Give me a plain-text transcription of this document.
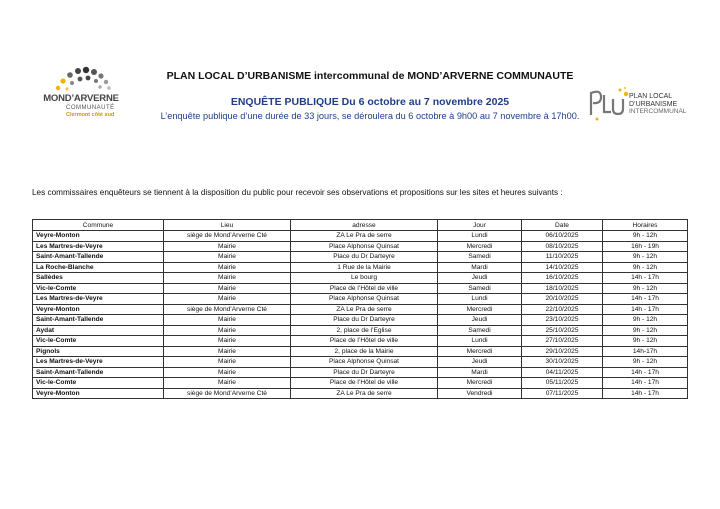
MOND’ARVERNE
COMMUNAUTÉ
Clermont côté sud
PLAN LOCAL D’URBANISME intercommunal de MOND’ARVERNE COMMUNAUTE
ENQUÊTE PUBLIQUE Du 6 octobre au 7 novembre 2025
L’enquête publique d’une durée de 33 jours, se déroulera du 6 octobre à 9h00 au 7 novembre à 17h00.
PLAN LOCAL
D’URBANISME
INTERCOMMUNAL
Les commissaires enquêteurs se tiennent à la disposition du public pour recevoir ses observations et propositions sur les sites et heures suivants :
Commune	Lieu	adresse	Jour	Date	Horaires
Veyre-Monton	siège de Mond’Arverne Cté	ZA Le Pra de serre	Lundi	06/10/2025	9h - 12h
Les Martres-de-Veyre	Mairie	Place Alphonse Quinsat	Mercredi	08/10/2025	16h - 19h
Saint-Amant-Tallende	Mairie	Place du Dr Darteyre	Samedi	11/10/2025	9h - 12h
La Roche-Blanche	Mairie	1 Rue de la Mairie	Mardi	14/10/2025	9h - 12h
Sallèdes	Mairie	Le bourg	Jeudi	16/10/2025	14h - 17h
Vic-le-Comte	Mairie	Place de l’Hôtel de ville	Samedi	18/10/2025	9h - 12h
Les Martres-de-Veyre	Mairie	Place Alphonse Quinsat	Lundi	20/10/2025	14h - 17h
Veyre-Monton	siège de Mond’Arverne Cté	ZA Le Pra de serre	Mercredi	22/10/2025	14h - 17h
Saint-Amant-Tallende	Mairie	Place du Dr Darteyre	Jeudi	23/10/2025	9h - 12h
Aydat	Mairie	2, place de l’Eglise	Samedi	25/10/2025	9h - 12h
Vic-le-Comte	Mairie	Place de l’Hôtel de ville	Lundi	27/10/2025	9h - 12h
Pignols	Mairie	2, place de la Mairie	Mercredi	29/10/2025	14h-17h
Les Martres-de-Veyre	Mairie	Place Alphonse Quinsat	Jeudi	30/10/2025	9h - 12h
Saint-Amant-Tallende	Mairie	Place du Dr Darteyre	Mardi	04/11/2025	14h - 17h
Vic-le-Comte	Mairie	Place de l’Hôtel de ville	Mercredi	05/11/2025	14h - 17h
Veyre-Monton	siège de Mond’Arverne Cté	ZA Le Pra de serre	Vendredi	07/11/2025	14h - 17h
